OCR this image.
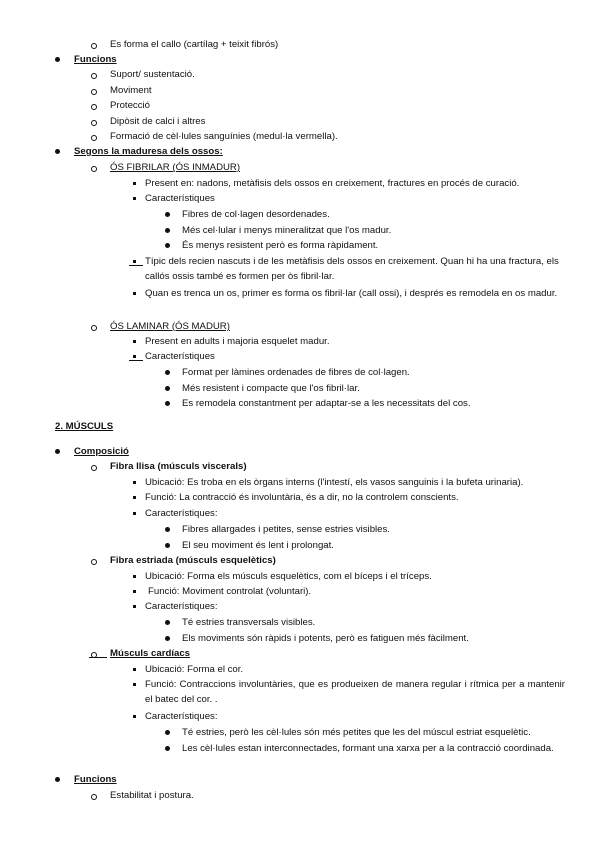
Es forma el callo (cartílag + teixit fibrós)
Funcions
Suport/ sustentació.
Moviment
Protecció
Dipòsit de calci i altres
Formació de cèl·lules sanguínies (medul·la vermella).
Segons la maduresa dels ossos:
ÓS FIBRILAR (ÓS INMADUR)
Present en: nadons, metàfisis dels ossos en creixement, fractures en procés de curació.
Característiques
Fibres de col·lagen desordenades.
Més cel·lular i menys mineralitzat que l'os madur.
És menys resistent però es forma ràpidament.
Típic dels recien nascuts i de les metàfisis dels ossos en creixement. Quan hi ha una fractura, els callós ossis també es formen per òs fibril·lar.
Quan es trenca un os, primer es forma os fibril·lar (call ossi), i després es remodela en os madur.
ÓS LAMINAR (ÓS MADUR)
Present en adults i majoria esquelet madur.
Característiques
Format per làmines ordenades de fibres de col·lagen.
Més resistent i compacte que l'os fibril·lar.
Es remodela constantment per adaptar-se a les necessitats del cos.
2. MÚSCULS
Composició
Fibra llisa (músculs viscerals)
Ubicació: Es troba en els òrgans interns (l'intestí, els vasos sanguinis i la bufeta urinaria).
Funció: La contracció és involuntària, és a dir, no la controlem conscients.
Característiques:
Fibres allargades i petites, sense estries visibles.
El seu moviment és lent i prolongat.
Fibra estriada (músculs esquelètics)
Ubicació: Forma els músculs esquelètics, com el bíceps i el tríceps.
Funció: Moviment controlat (voluntari).
Característiques:
Té estries transversals visibles.
Els moviments són ràpids i potents, però es fatiguen més fàcilment.
Músculs cardíacs
Ubicació: Forma el cor.
Funció: Contraccions involuntàries, que es produeixen de manera regular i rítmica per a mantenir el batec del cor. .
Característiques:
Té estries, però les cèl·lules són més petites que les del múscul estriat esquelètic.
Les cèl·lules estan interconnectades, formant una xarxa per a la contracció coordinada.
Funcions
Estabilitat i postura.
